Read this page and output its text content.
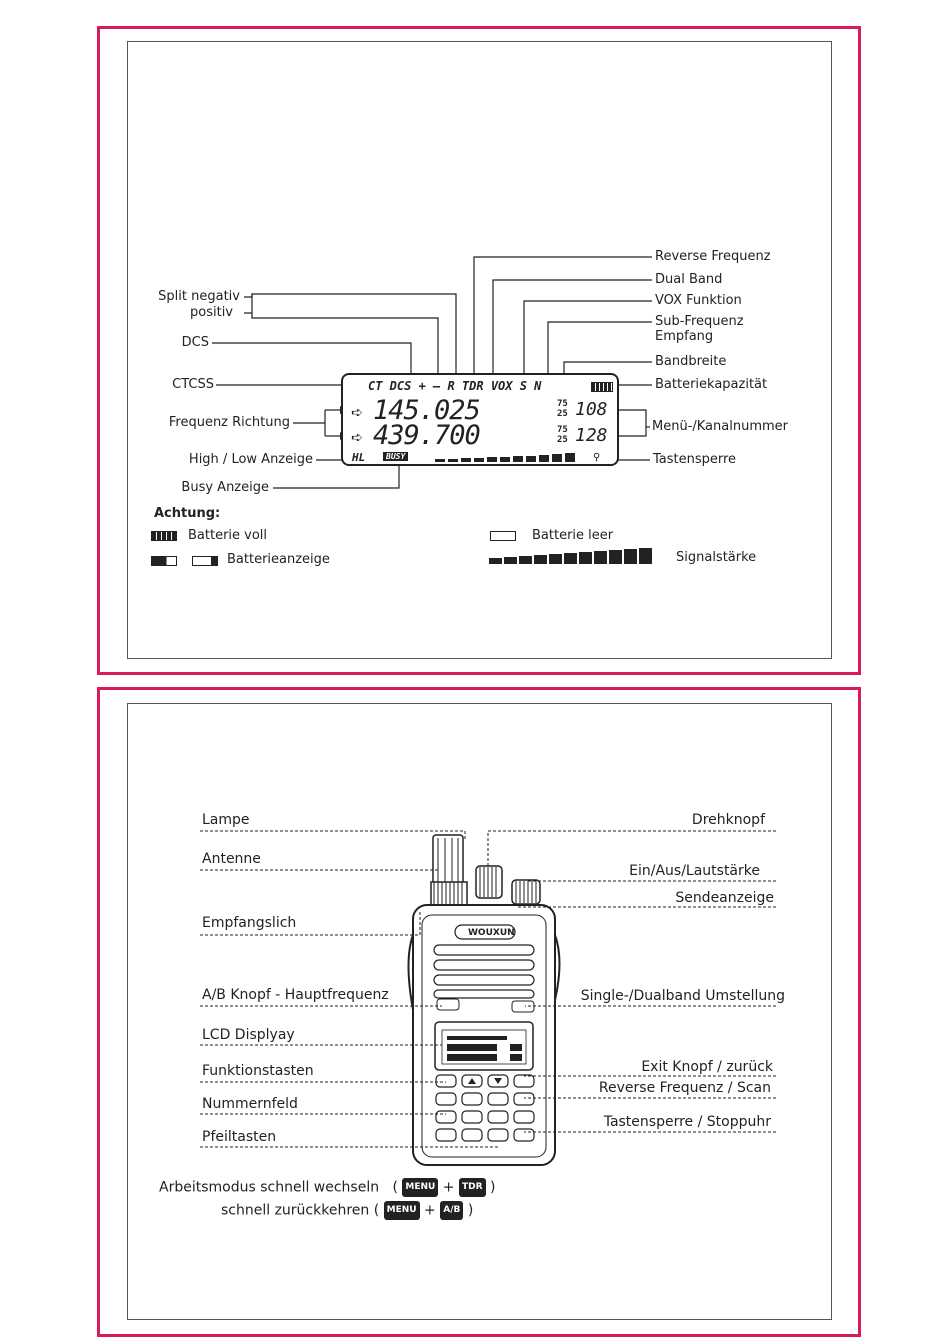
Split negativ
positiv
DCS
CTCSS
Frequenz Richtung
High / Low Anzeige
Busy Anzeige
Reverse Frequenz
Dual Band
VOX Funktion
Sub-Frequenz
Empfang
Bandbreite
Batteriekapazität
Menü-/Kanalnummer
Tastensperre
CT DCS + — R TDR VOX S N
➪
➪
145.025
439.700
75
25
75
25
108
128
HL	BUSY	⚲
Achtung:
Batterie voll
Batterieanzeige
Batterie leer
Signalstärke
WOUXUN
Lampe
Antenne
Empfangslich
A/B Knopf - Hauptfrequenz
LCD Displyay
Funktionstasten
Nummernfeld
Pfeiltasten
Drehknopf
Ein/Aus/Lautstärke
Sendeanzeige
Single-/Dualband Umstellung
Exit Knopf / zurück
Reverse Frequenz / Scan
Tastensperre / Stoppuhr
Arbeitsmodus schnell wechseln   ( MENU + TDR )
schnell zurückkehren ( MENU + A/B )
